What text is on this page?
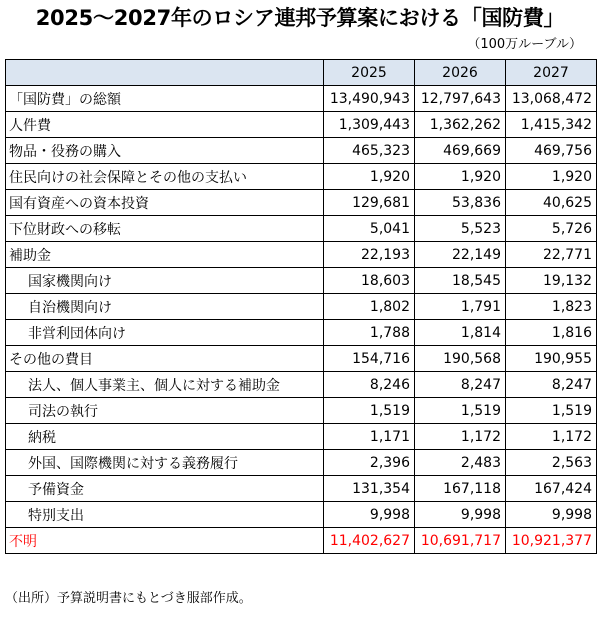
2025～2027年のロシア連邦予算案における「国防費」
（100万ルーブル）
	2025	2026	2027
「国防費」の総額	13,490,943	12,797,643	13,068,472
人件費	1,309,443	1,362,262	1,415,342
物品・役務の購入	465,323	469,669	469,756
住民向けの社会保障とその他の支払い	1,920	1,920	1,920
国有資産への資本投資	129,681	53,836	40,625
下位財政への移転	5,041	5,523	5,726
補助金	22,193	22,149	22,771
国家機関向け	18,603	18,545	19,132
自治機関向け	1,802	1,791	1,823
非営利団体向け	1,788	1,814	1,816
その他の費目	154,716	190,568	190,955
法人、個人事業主、個人に対する補助金	8,246	8,247	8,247
司法の執行	1,519	1,519	1,519
納税	1,171	1,172	1,172
外国、国際機関に対する義務履行	2,396	2,483	2,563
予備資金	131,354	167,118	167,424
特別支出	9,998	9,998	9,998
不明	11,402,627	10,691,717	10,921,377
（出所）予算説明書にもとづき服部作成。
